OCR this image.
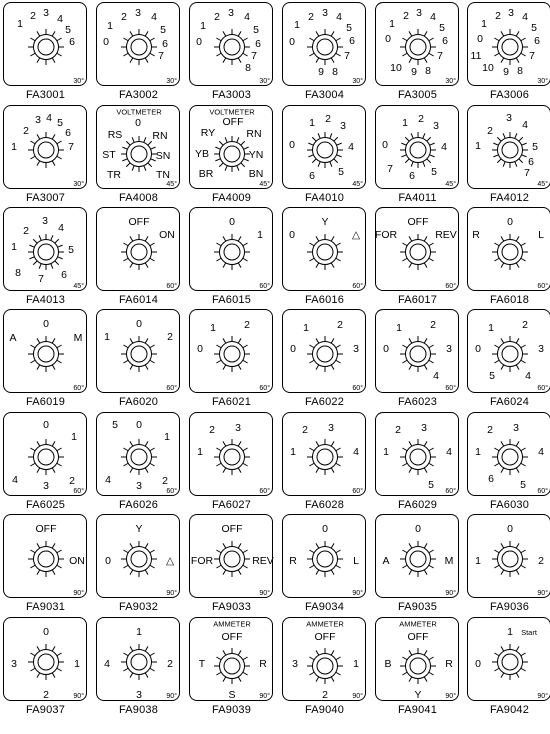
1
2 3 4
5
6
30°
FA3001
1
2 3 4
5
6
0
7
30°
FA3002
1
2 3 4
5
6
0
7
8
30°
FA3003
1
2 3 4
5
6
0
7
9 8
30°
FA3004
1
2 3 4
5
6
0
7
10 9 8
30°
FA3005
1
2 3 4
5
6
0
7
11
10 9 8
30°
FA3006
2
3 4 5
6
1	7
30°
FA3007
VOLTMETER
0
RS	RN
ST	SN
TR	TN
45°
FA4008
VOLTMETER
OFF
RY	RN
YB	YN
BR	BN
45°
FA4009
1 2
3
0	4
6 5
45°
FA4010
1 2
3
0	4
7
6 5
45°
FA4011
2
3
4
1	5
7
6
45°
FA4012
2
3
4
1	5
8 7 6
45°
FA4013
OFF
ON
60°
FA6014
0
1
60°
FA6015
Y
0	△
60°
FA6016
OFF
FOR	REV
60°
FA6017
0
R	L
60°
FA6018
0
A	M
60°
FA6019
0
1	2
60°
FA6020
1	2
0
60°
FA6021
1	2
0	3
60°
FA6022
1	2
0	3
4
60°
FA6023
1	2
0	3
5	4
60°
FA6024
0
1
4	2
3	60°
FA6025
5 0
1
4	2
3	60°
FA6026
2 3
1
60°
FA6027
2 3
1	4
60°
FA6028
2 3
1	4
5
60°
FA6029
2 3
1	4
6 5
60°
FA6030
OFF
ON
90°
FA9031
Y
0	△
90°
FA9032
OFF
FOR	REV
90°
FA9033
0
R	L
90°
FA9034
0
A	M
90°
FA9035
0
1	2
90°
FA9036
0
3	1
2	90°
FA9037
1
4	2
3	90°
FA9038
AMMETER
OFF
T	R
S	90°
FA9039
AMMETER
OFF
3	1
2	90°
FA9040
AMMETER
OFF
B	R
Y	90°
FA9041
1 Start
0
90°
FA9042
